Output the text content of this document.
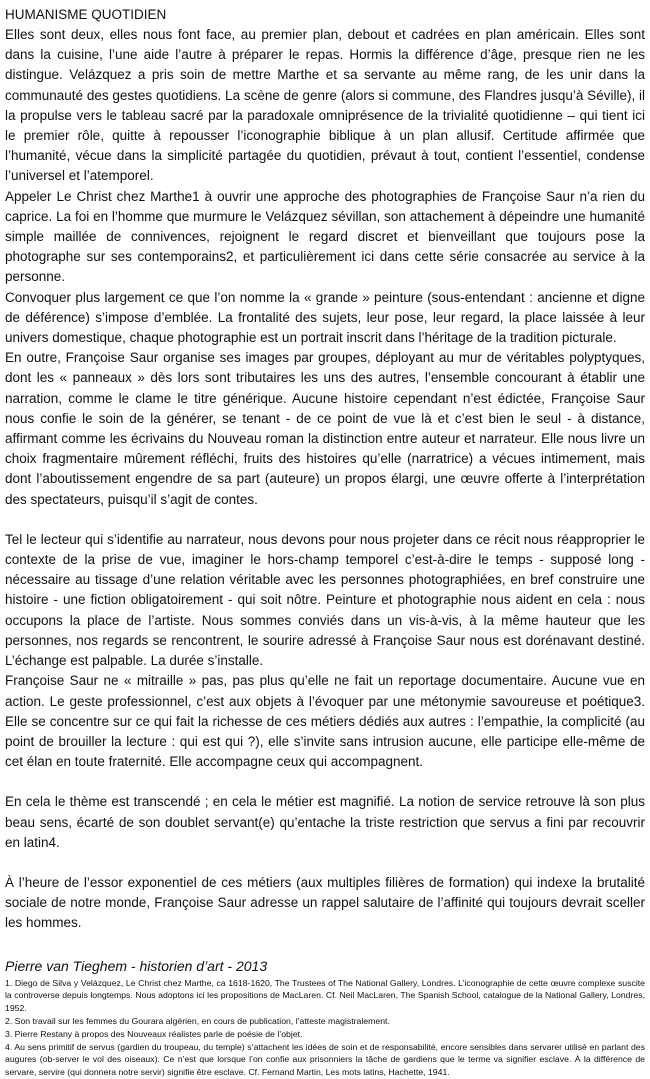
HUMANISME QUOTIDIEN

Elles sont deux, elles nous font face, au premier plan, debout et cadrées en plan américain. Elles sont dans la cuisine, l’une aide l’autre à préparer le repas. Hormis la différence d’âge, presque rien ne les distingue. Velázquez a pris soin de mettre Marthe et sa servante au même rang, de les unir dans la communauté des gestes quotidiens. La scène de genre (alors si commune, des Flandres jusqu’à Séville), il la propulse vers le tableau sacré par la paradoxale omniprésence de la trivialité quotidienne – qui tient ici le premier rôle, quitte à repousser l’iconographie biblique à un plan allusif. Certitude affirmée que l’humanité, vécue dans la simplicité partagée du quotidien, prévaut à tout, contient l’essentiel, condense l’universel et l’atemporel.

Appeler Le Christ chez Marthe1 à ouvrir une approche des photographies de Françoise Saur n’a rien du caprice. La foi en l’homme que murmure le Velázquez sévillan, son attachement à dépeindre une humanité simple maillée de connivences, rejoignent le regard discret et bienveillant que toujours pose la photographe sur ses contemporains2, et particulièrement ici dans cette série consacrée au service à la personne.

Convoquer plus largement ce que l’on nomme la « grande » peinture (sous-entendant : ancienne et digne de déférence) s’impose d’emblée. La frontalité des sujets, leur pose, leur regard, la place laissée à leur univers domestique, chaque photographie est un portrait inscrit dans l’héritage de la tradition picturale.

En outre, Françoise Saur organise ses images par groupes, déployant au mur de véritables polyptyques, dont les « panneaux » dès lors sont tributaires les uns des autres, l’ensemble concourant à établir une narration, comme le clame le titre générique. Aucune histoire cependant n’est édictée, Françoise Saur nous confie le soin de la générer, se tenant - de ce point de vue là et c’est bien le seul - à distance, affirmant comme les écrivains du Nouveau roman la distinction entre auteur et narrateur. Elle nous livre un choix fragmentaire mûrement réfléchi, fruits des histoires qu’elle (narratrice) a vécues intimement, mais dont l’aboutissement engendre de sa part (auteure) un propos élargi, une œuvre offerte à l’interprétation des spectateurs, puisqu’il s’agit de contes.

Tel le lecteur qui s’identifie au narrateur, nous devons pour nous projeter dans ce récit nous réapproprier le contexte de la prise de vue, imaginer le hors-champ temporel c’est-à-dire le temps - supposé long - nécessaire au tissage d’une relation véritable avec les personnes photographiées, en bref construire une histoire - une fiction obligatoirement - qui soit nôtre. Peinture et photographie nous aident en cela : nous occupons la place de l’artiste. Nous sommes conviés dans un vis-à-vis, à la même hauteur que les personnes, nos regards se rencontrent, le sourire adressé à Françoise Saur nous est dorénavant destiné. L’échange est palpable. La durée s’installe.

Françoise Saur ne « mitraille » pas, pas plus qu’elle ne fait un reportage documentaire. Aucune vue en action. Le geste professionnel, c’est aux objets à l’évoquer par une métonymie savoureuse et poétique3. Elle se concentre sur ce qui fait la richesse de ces métiers dédiés aux autres : l’empathie, la complicité (au point de brouiller la lecture : qui est qui ?), elle s’invite sans intrusion aucune, elle participe elle-même de cet élan en toute fraternité. Elle accompagne ceux qui accompagnent.

En cela le thème est transcendé ; en cela le métier est magnifié. La notion de service retrouve là son plus beau sens, écarté de son doublet servant(e) qu’entache la triste restriction que servus a fini par recouvrir en latin4.

À l’heure de l’essor exponentiel de ces métiers (aux multiples filières de formation) qui indexe la brutalité sociale de notre monde, Françoise Saur adresse un rappel salutaire de l’affinité qui toujours devrait sceller les hommes.

Pierre van Tieghem - historien d’art - 2013

1. Diego de Silva y Velázquez, Le Christ chez Marthe, ca 1618-1620, The Trustees of The National Gallery, Londres. L’iconographie de cette œuvre complexe suscite la controverse depuis longtemps. Nous adoptons ici les propositions de MacLaren. Cf. Neil MacLaren, The Spanish School, catalogue de la National Gallery, Londres, 1952.

2. Son travail sur les femmes du Gourara algérien, en cours de publication, l’atteste magistralement.

3. Pierre Restany à propos des Nouveaux réalistes parle de poésie de l’objet.

4. Au sens primitif de servus (gardien du troupeau, du temple) s’attachent les idées de soin et de responsabilité, encore sensibles dans servarer utilisé en parlant des augures (ob-server le vol des oiseaux). Ce n’est que lorsque l’on confie aux prisonniers la tâche de gardiens que le terme va signifier esclave. À la différence de servare, servire (qui donnera notre servir) signifie être esclave. Cf. Fernand Martin, Les mots latins, Hachette, 1941.
